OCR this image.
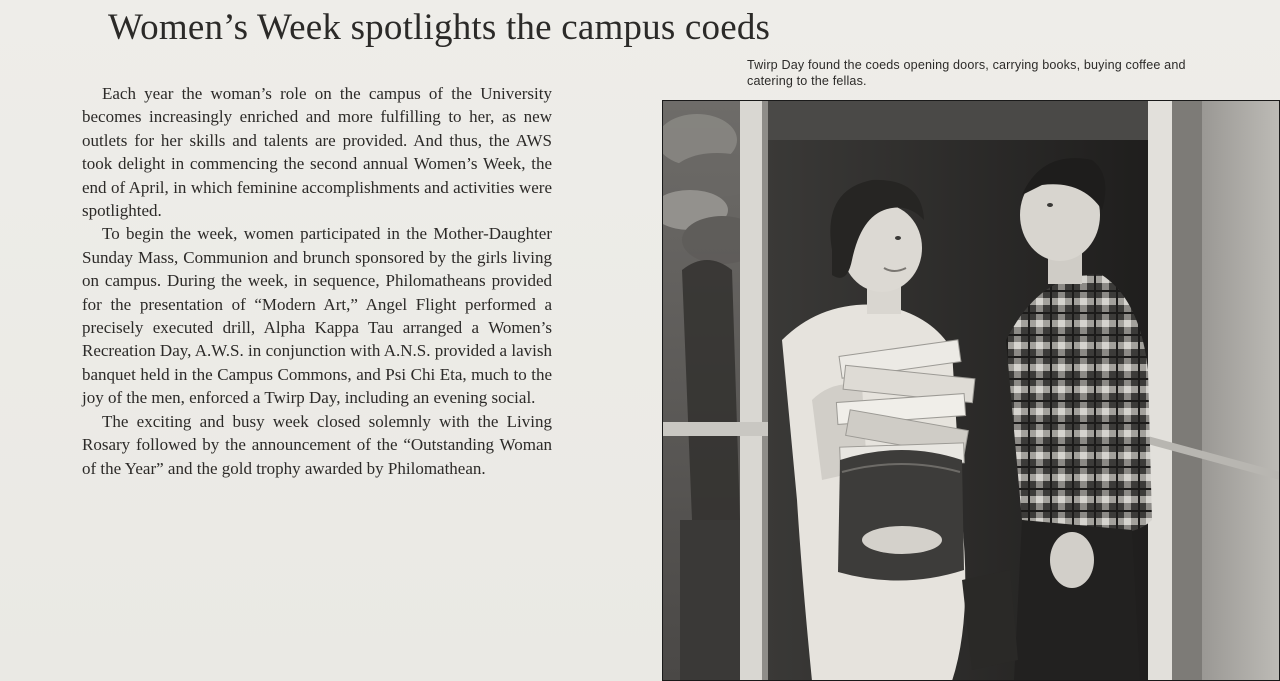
Women’s Week spotlights the campus coeds

Each year the woman’s role on the campus of the University becomes increasingly enriched and more fulfilling to her, as new outlets for her skills and talents are provided. And thus, the AWS took delight in commencing the second annual Women’s Week, the end of April, in which feminine accomplishments and activities were spotlighted.

To begin the week, women participated in the Mother-Daughter Sunday Mass, Communion and brunch sponsored by the girls living on campus. During the week, in sequence, Philomatheans provided for the presentation of “Modern Art,” Angel Flight performed a precisely executed drill, Alpha Kappa Tau arranged a Women’s Recreation Day, A.W.S. in conjunction with A.N.S. provided a lavish banquet held in the Campus Commons, and Psi Chi Eta, much to the joy of the men, enforced a Twirp Day, including an evening social.

The exciting and busy week closed solemnly with the Living Rosary followed by the announcement of the “Outstanding Woman of the Year” and the gold trophy awarded by Philomathean.

Twirp Day found the coeds opening doors, carrying books, buying coffee and catering to the fellas.
